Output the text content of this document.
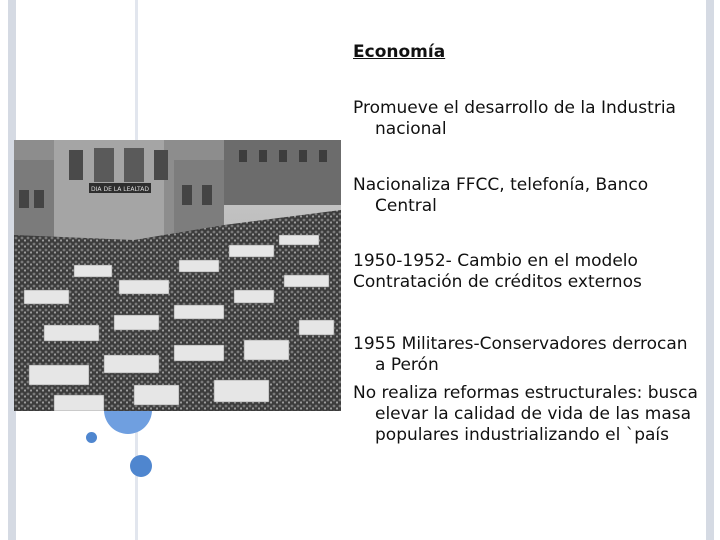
DIA DE LA LEALTAD
Economía
Promueve el desarrollo de la Industria
nacional
Nacionaliza FFCC, telefonía, Banco
Central
1950-1952- Cambio en el modelo
Contratación de créditos externos
1955 Militares-Conservadores derrocan
a Perón
No realiza reformas estructurales: busca
elevar la calidad de vida de las masa
populares industrializando el `país
